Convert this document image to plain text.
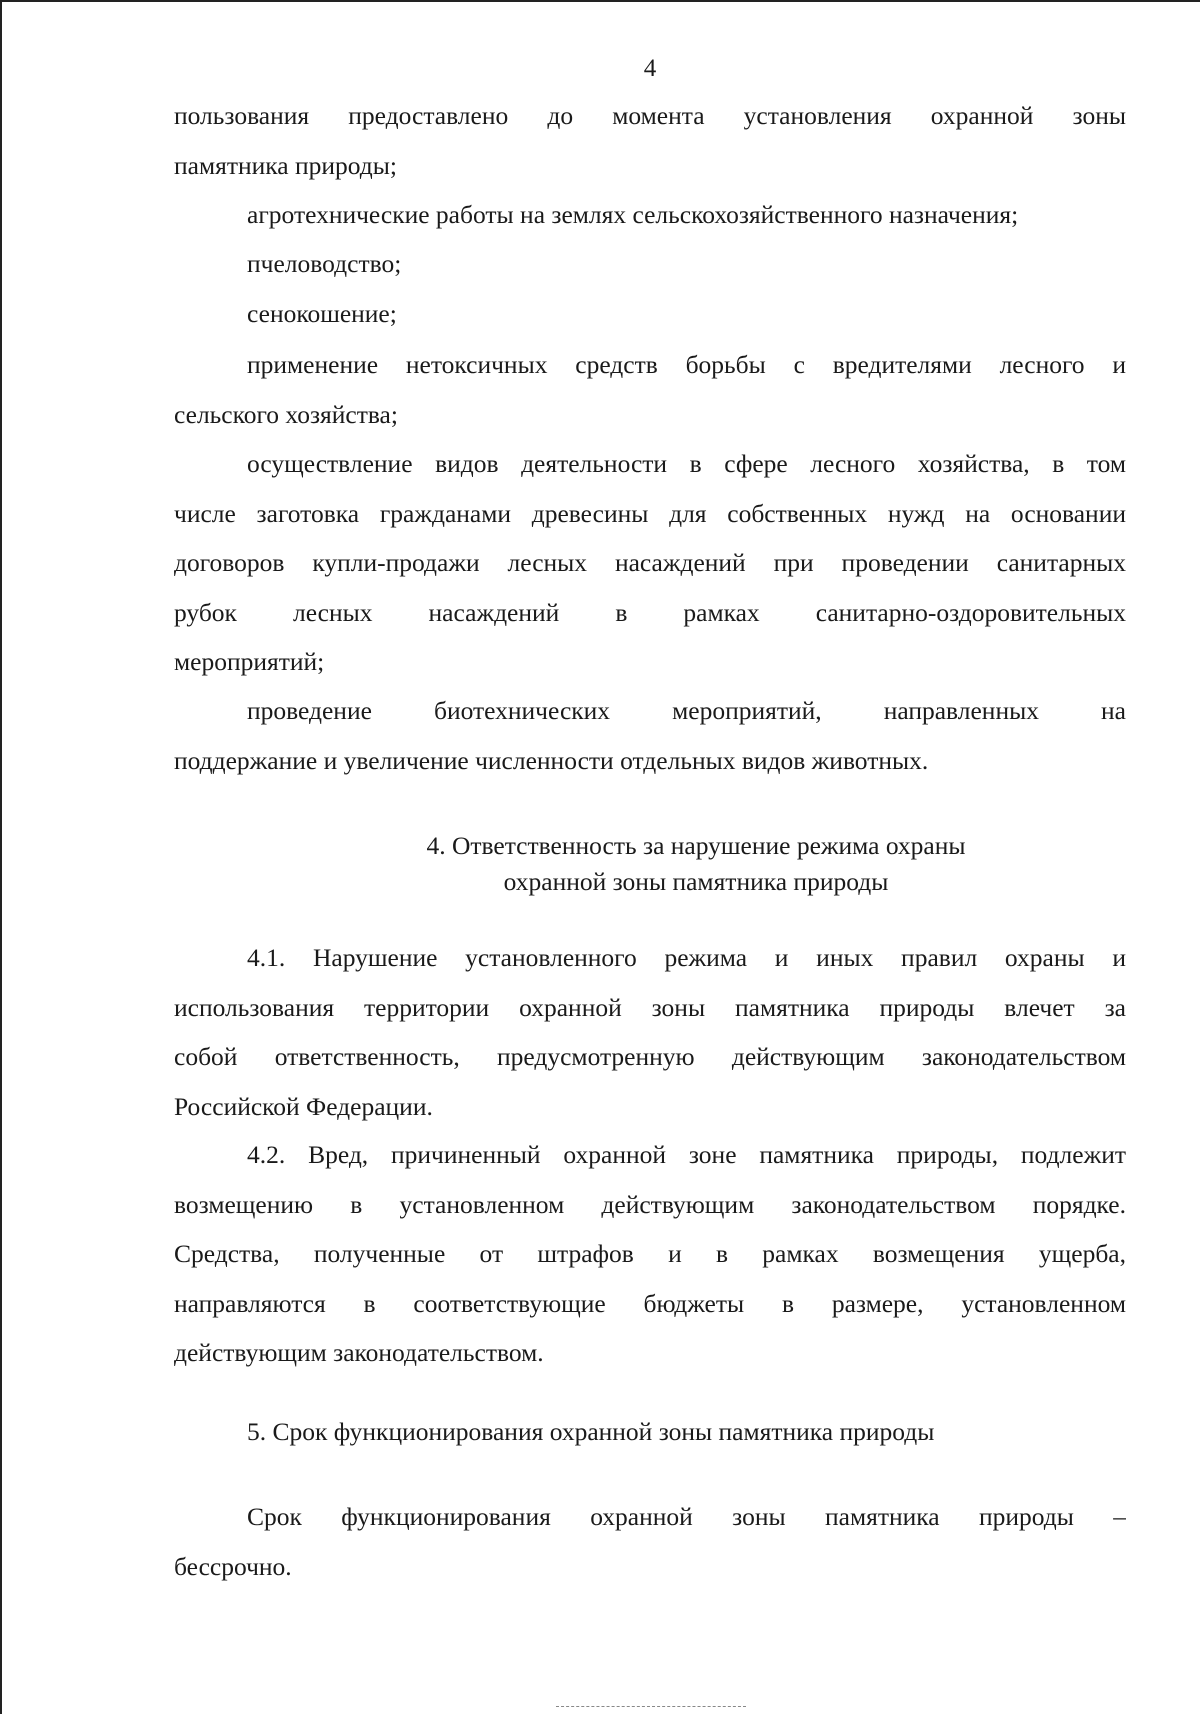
4
пользования предоставлено до момента установления охранной зоны
памятника природы;
агротехнические работы на землях сельскохозяйственного назначения;
пчеловодство;
сенокошение;
применение нетоксичных средств борьбы с вредителями лесного и
сельского хозяйства;
осуществление видов деятельности в сфере лесного хозяйства, в том
числе заготовка гражданами древесины для собственных нужд на основании
договоров купли-продажи лесных насаждений при проведении санитарных
рубок лесных насаждений в рамках санитарно-оздоровительных
мероприятий;
проведение биотехнических мероприятий, направленных на
поддержание и увеличение численности отдельных видов животных.
4. Ответственность за нарушение режима охраны
охранной зоны памятника природы
4.1. Нарушение установленного режима и иных правил охраны и
использования территории охранной зоны памятника природы влечет за
собой ответственность, предусмотренную действующим законодательством
Российской Федерации.
4.2. Вред, причиненный охранной зоне памятника природы, подлежит
возмещению в установленном действующим законодательством порядке.
Средства, полученные от штрафов и в рамках возмещения ущерба,
направляются в соответствующие бюджеты в размере, установленном
действующим законодательством.
5. Срок функционирования охранной зоны памятника природы
Срок функционирования охранной зоны памятника природы –
бессрочно.
